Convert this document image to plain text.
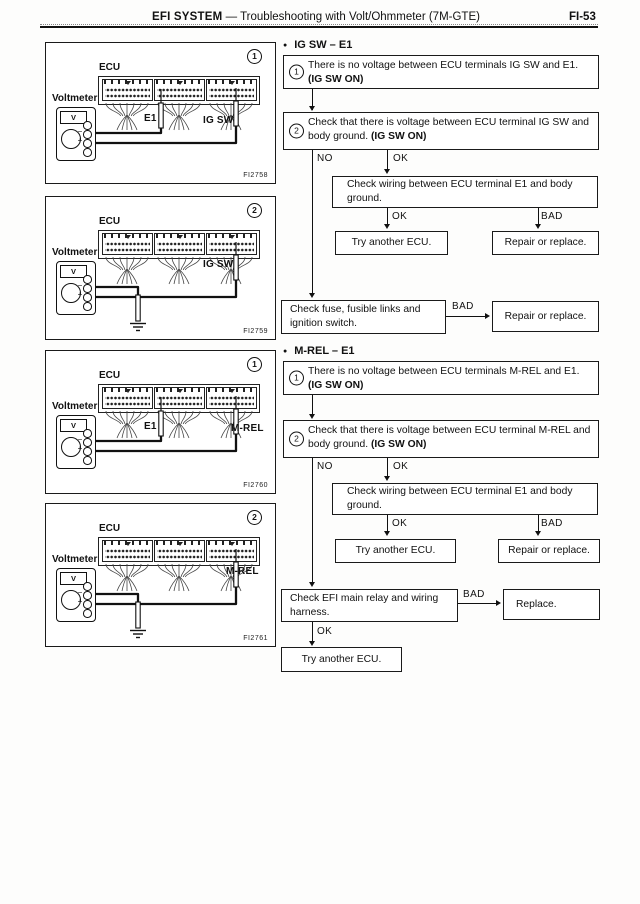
EFI SYSTEM — Troubleshooting with Volt/Ohmmeter (7M-GTE)	FI-53
1
ECU
V
−
+
Voltmeter
E1	IG SW
FI2758
2
ECU
V
−
+
Voltmeter
IG SW
FI2759
1
ECU
V
−
+
Voltmeter
E1	M-REL
FI2760
2
ECU
V
−
+
Voltmeter
M-REL
FI2761
● IG SW – E1
1
There is no voltage between ECU terminals IG SW and E1.
(IG SW ON)
2
Check that there is voltage between ECU terminal IG SW and body ground. (IG SW ON)
NO	OK
Check wiring between ECU terminal E1 and body ground.
OK	BAD
Try another ECU.	Repair or replace.
Check fuse, fusible links and ignition switch.
BAD
Repair or replace.
● M-REL – E1
1
There is no voltage between ECU terminals M-REL and E1.
(IG SW ON)
2
Check that there is voltage between ECU terminal M-REL and body ground. (IG SW ON)
NO	OK
Check wiring between ECU terminal E1 and body ground.
OK	BAD
Try another ECU.	Repair or replace.
Check EFI main relay and wiring harness.
BAD
Replace.
OK
Try another ECU.
